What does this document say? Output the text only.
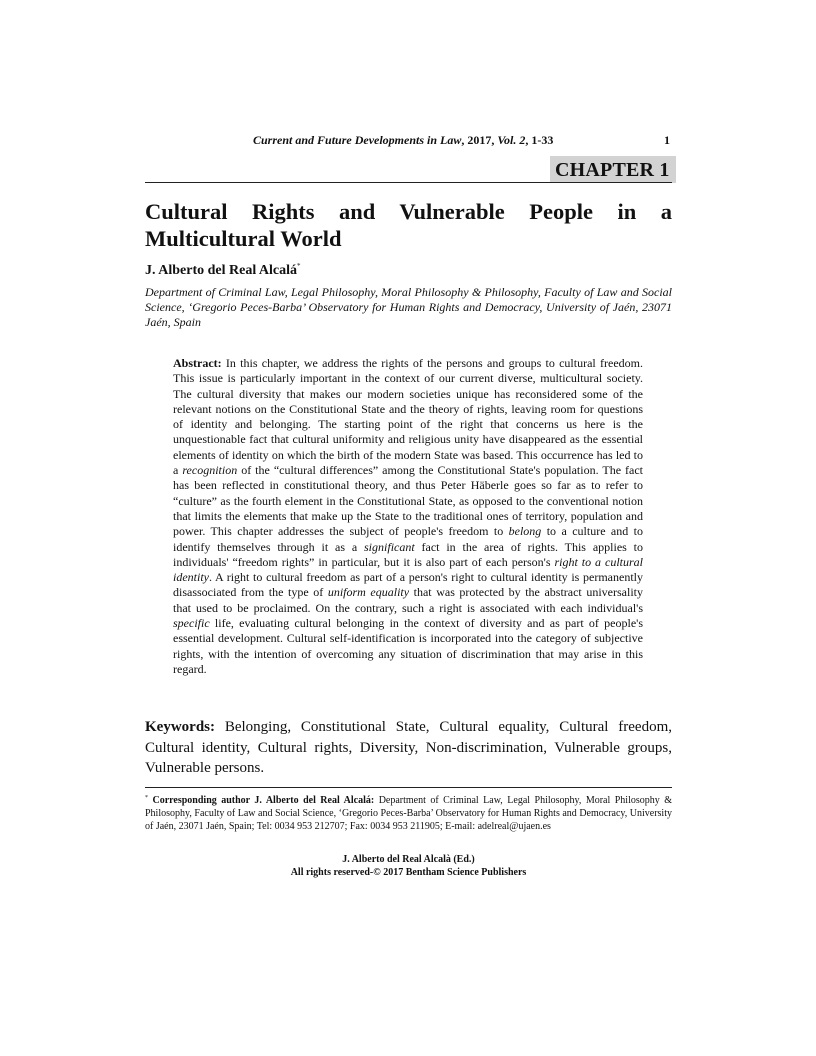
Current and Future Developments in Law, 2017, Vol. 2, 1-33	1
CHAPTER 1
Cultural Rights and Vulnerable People in a Multicultural World
J. Alberto del Real Alcalá*

Department of Criminal Law, Legal Philosophy, Moral Philosophy & Philosophy, Faculty of Law and Social Science, ‘Gregorio Peces-Barba’ Observatory for Human Rights and Democracy, University of Jaén, 23071 Jaén, Spain

Abstract: In this chapter, we address the rights of the persons and groups to cultural freedom. This issue is particularly important in the context of our current diverse, multicultural society. The cultural diversity that makes our modern societies unique has reconsidered some of the relevant notions on the Constitutional State and the theory of rights, leaving room for questions of identity and belonging. The starting point of the right that concerns us here is the unquestionable fact that cultural uniformity and religious unity have disappeared as the essential elements of identity on which the birth of the modern State was based. This occurrence has led to a recognition of the “cultural differences” among the Constitutional State's population. The fact has been reflected in constitutional theory, and thus Peter Häberle goes so far as to refer to “culture” as the fourth element in the Constitutional State, as opposed to the conventional notion that limits the elements that make up the State to the traditional ones of territory, population and power. This chapter addresses the subject of people's freedom to belong to a culture and to identify themselves through it as a significant fact in the area of rights. This applies to individuals' “freedom rights” in particular, but it is also part of each person's right to a cultural identity. A right to cultural freedom as part of a person's right to cultural identity is permanently disassociated from the type of uniform equality that was protected by the abstract universality that used to be proclaimed. On the contrary, such a right is associated with each individual's specific life, evaluating cultural belonging in the context of diversity and as part of people's essential development. Cultural self-identification is incorporated into the category of subjective rights, with the intention of overcoming any situation of discrimination that may arise in this regard.

Keywords: Belonging, Constitutional State, Cultural equality, Cultural freedom, Cultural identity, Cultural rights, Diversity, Non-discrimination, Vulnerable groups, Vulnerable persons.

* Corresponding author J. Alberto del Real Alcalá: Department of Criminal Law, Legal Philosophy, Moral Philosophy & Philosophy, Faculty of Law and Social Science, ‘Gregorio Peces-Barba’ Observatory for Human Rights and Democracy, University of Jaén, 23071 Jaén, Spain; Tel: 0034 953 212707; Fax: 0034 953 211905; E-mail: adelreal@ujaen.es

J. Alberto del Real Alcalà (Ed.)
All rights reserved-© 2017 Bentham Science Publishers
